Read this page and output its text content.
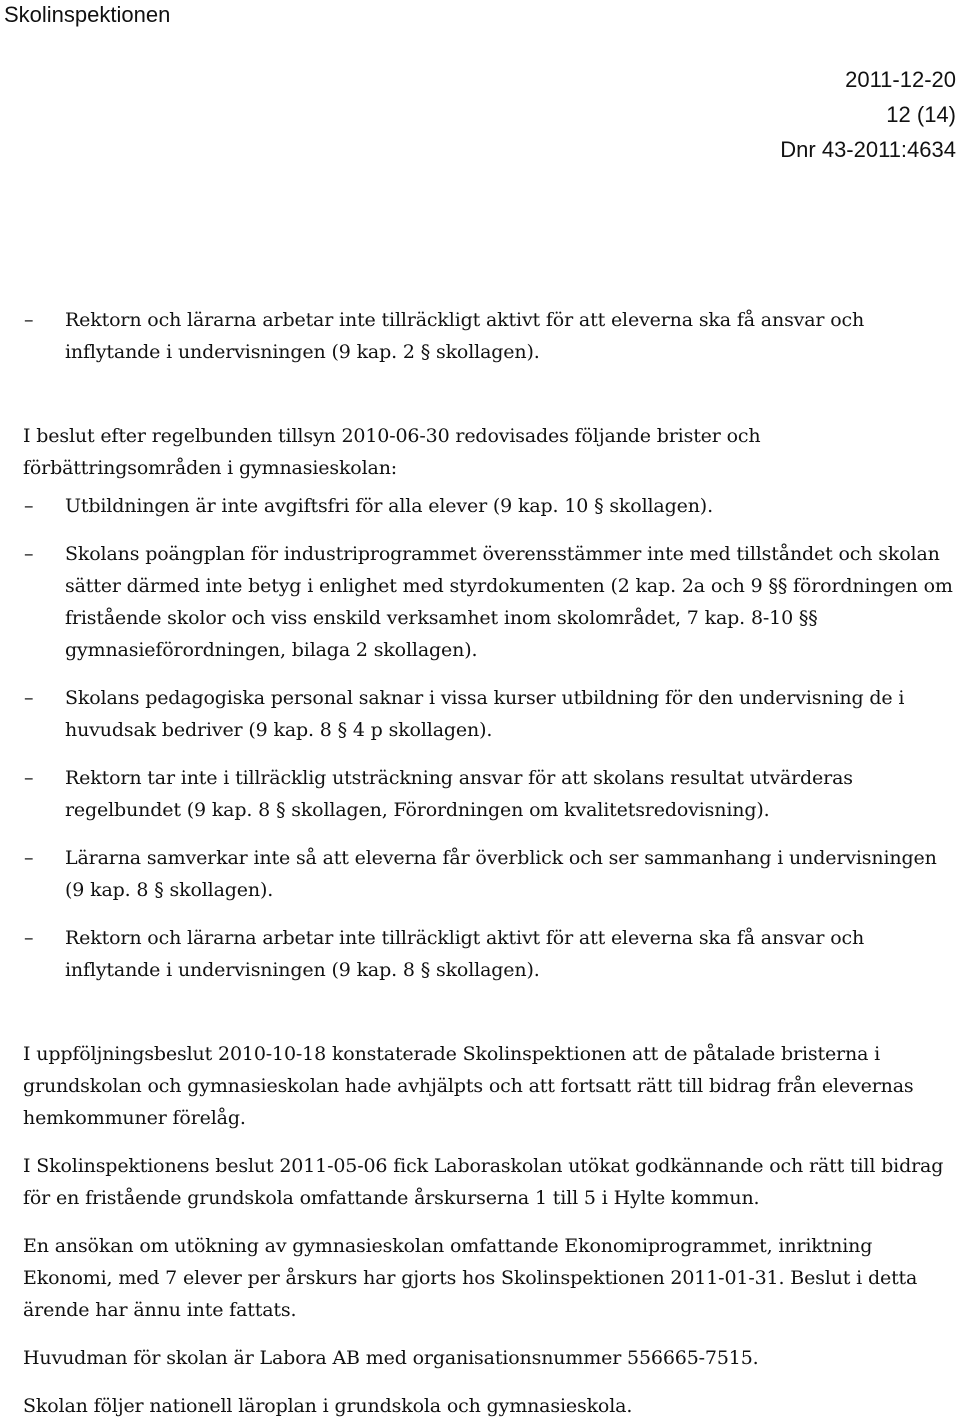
Skolinspektionen
2011-12-20
12 (14)
Dnr 43-2011:4634
– Rektorn och lärarna arbetar inte tillräckligt aktivt för att eleverna ska få ansvar och inflytande i undervisningen (9 kap. 2 § skollagen).

I beslut efter regelbunden tillsyn 2010-06-30 redovisades följande brister och förbättringsområden i gymnasieskolan:

– Utbildningen är inte avgiftsfri för alla elever (9 kap. 10 § skollagen).
– Skolans poängplan för industriprogrammet överensstämmer inte med tillståndet och skolan sätter därmed inte betyg i enlighet med styrdokumenten (2 kap. 2a och 9 §§ förordningen om fristående skolor och viss enskild verksamhet inom skolområdet, 7 kap. 8-10 §§ gymnasieförordningen, bilaga 2 skollagen).
– Skolans pedagogiska personal saknar i vissa kurser utbildning för den undervisning de i huvudsak bedriver (9 kap. 8 § 4 p skollagen).
– Rektorn tar inte i tillräcklig utsträckning ansvar för att skolans resultat utvärderas regelbundet (9 kap. 8 § skollagen, Förordningen om kvalitetsredovisning).
– Lärarna samverkar inte så att eleverna får överblick och ser sammanhang i undervisningen (9 kap. 8 § skollagen).
– Rektorn och lärarna arbetar inte tillräckligt aktivt för att eleverna ska få ansvar och inflytande i undervisningen (9 kap. 8 § skollagen).

I uppföljningsbeslut 2010-10-18 konstaterade Skolinspektionen att de påtalade bristerna i grundskolan och gymnasieskolan hade avhjälpts och att fortsatt rätt till bidrag från elevernas hemkommuner förelåg.

I Skolinspektionens beslut 2011-05-06 fick Laboraskolan utökat godkännande och rätt till bidrag för en fristående grundskola omfattande årskurserna 1 till 5 i Hylte kommun.

En ansökan om utökning av gymnasieskolan omfattande Ekonomiprogrammet, inriktning Ekonomi, med 7 elever per årskurs har gjorts hos Skolinspektionen 2011-01-31. Beslut i detta ärende har ännu inte fattats.

Huvudman för skolan är Labora AB med organisationsnummer 556665-7515.

Skolan följer nationell läroplan i grundskola och gymnasieskola.
